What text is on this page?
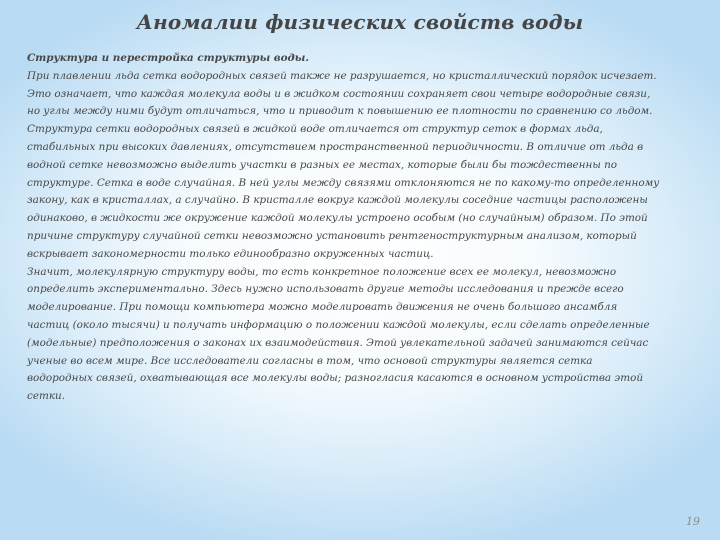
Аномалии физических свойств воды
Структура и перестройка структуры воды.
При плавлении льда сетка водородных связей также не разрушается, но кристаллический порядок исчезает.
Это означает, что каждая молекула воды и в жидком состоянии сохраняет свои четыре водородные связи,
но углы между ними будут отличаться, что и приводит к повышению ее плотности по сравнению со льдом.
Структура сетки водородных связей в жидкой воде отличается от структур сеток в формах льда,
стабильных при высоких давлениях, отсутствием пространственной периодичности. В отличие от льда в
водной сетке невозможно выделить участки в разных ее местах, которые были бы тождественны по
структуре. Сетка в воде случайная. В ней углы между связями отклоняются не по какому-то определенному
закону, как в кристаллах, а случайно. В кристалле вокруг каждой молекулы соседние частицы расположены
одинаково, в жидкости же окружение каждой молекулы устроено особым (но случайным) образом. По этой
причине структуру случайной сетки невозможно установить рентгеноструктурным анализом, который
вскрывает закономерности только единообразно окруженных частиц.
Значит, молекулярную структуру воды, то есть конкретное положение всех ее молекул, невозможно
определить экспериментально. Здесь нужно использовать другие методы исследования и прежде всего
моделирование. При помощи компьютера можно моделировать движения не очень большого ансамбля
частиц (около тысячи) и получать информацию о положении каждой молекулы, если сделать определенные
(модельные) предположения о законах их взаимодействия. Этой увлекательной задачей занимаются сейчас
ученые во всем мире. Все исследователи согласны в том, что основой структуры является сетка
водородных связей, охватывающая все молекулы воды; разногласия касаются в основном устройства этой
сетки.
19
